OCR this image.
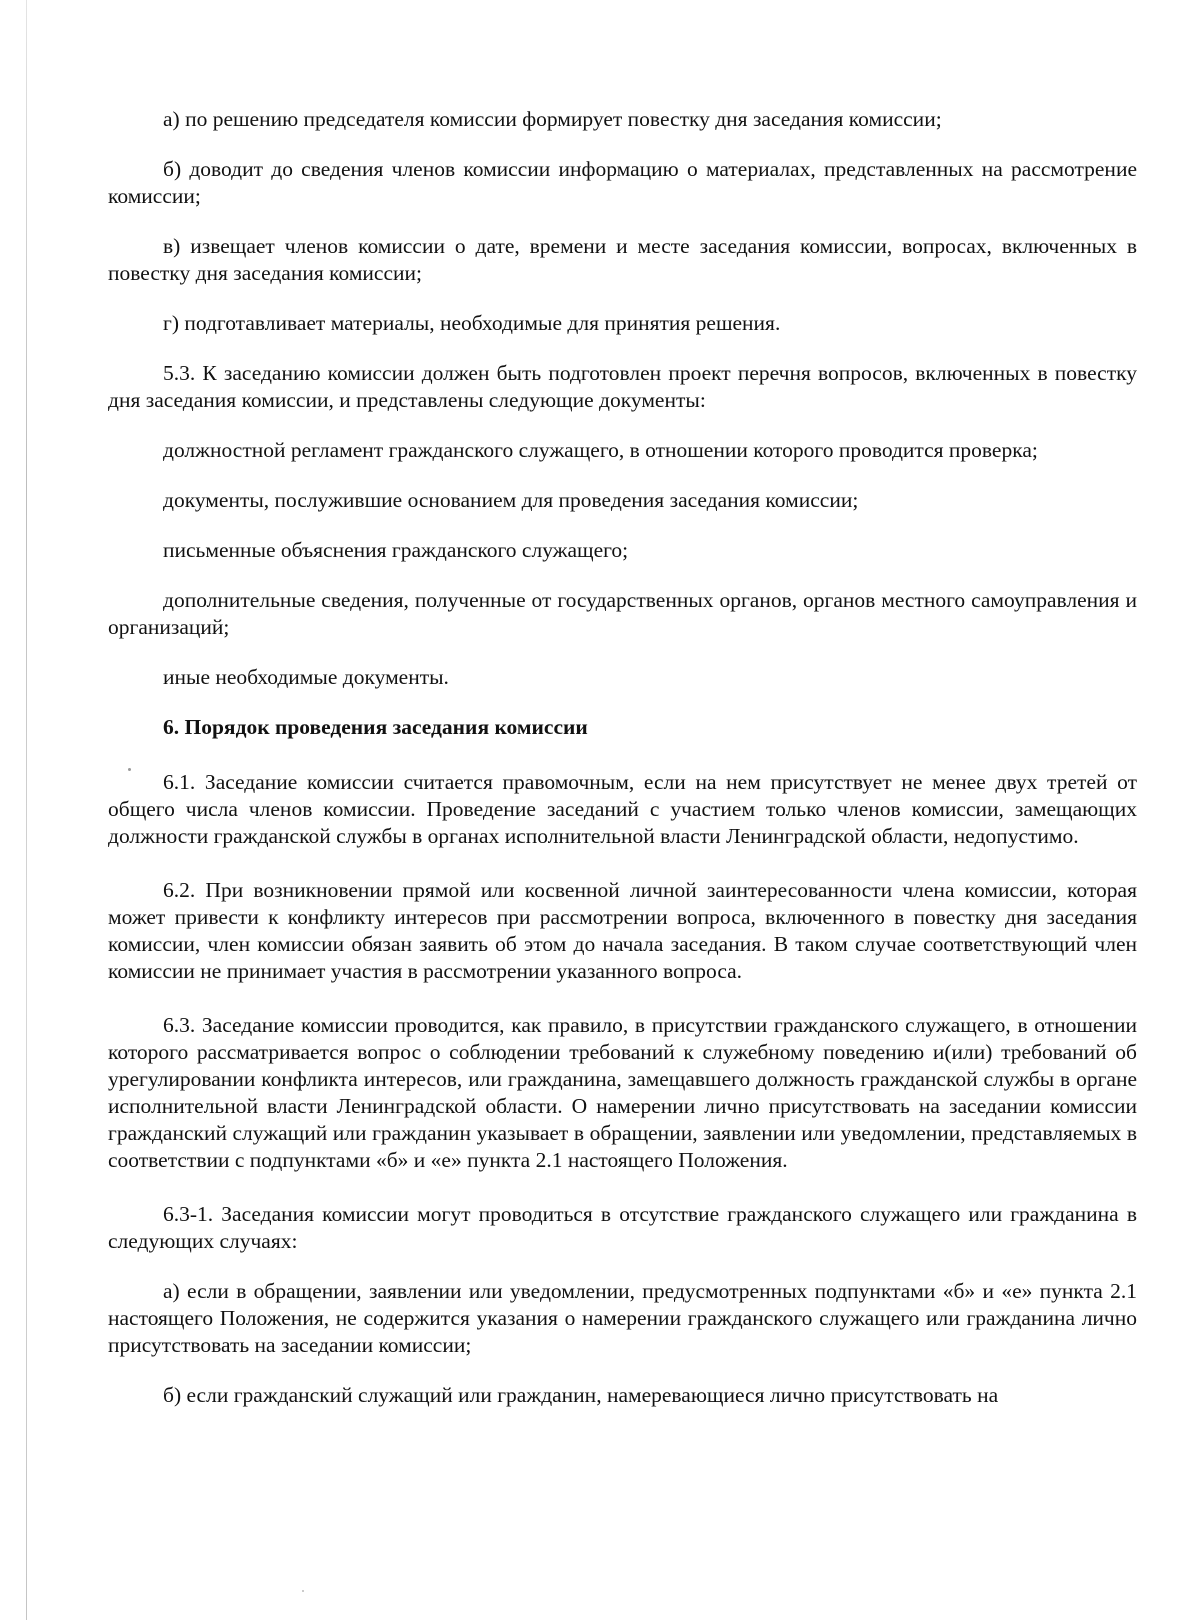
а) по решению председателя комиссии формирует повестку дня заседания комиссии;

б) доводит до сведения членов комиссии информацию о материалах, представленных на рассмотрение комиссии;

в) извещает членов комиссии о дате, времени и месте заседания комиссии, вопросах, включенных в повестку дня заседания комиссии;

г) подготавливает материалы, необходимые для принятия решения.

5.3. К заседанию комиссии должен быть подготовлен проект перечня вопросов, включенных в повестку дня заседания комиссии, и представлены следующие документы:

должностной регламент гражданского служащего, в отношении которого проводится проверка;

документы, послужившие основанием для проведения заседания комиссии;

письменные объяснения гражданского служащего;

дополнительные сведения, полученные от государственных органов, органов местного самоуправления и организаций;

иные необходимые документы.

6. Порядок проведения заседания комиссии

6.1. Заседание комиссии считается правомочным, если на нем присутствует не менее двух третей от общего числа членов комиссии. Проведение заседаний с участием только членов комиссии, замещающих должности гражданской службы в органах исполнительной власти Ленинградской области, недопустимо.

6.2. При возникновении прямой или косвенной личной заинтересованности члена комиссии, которая может привести к конфликту интересов при рассмотрении вопроса, включенного в повестку дня заседания комиссии, член комиссии обязан заявить об этом до начала заседания. В таком случае соответствующий член комиссии не принимает участия в рассмотрении указанного вопроса.

6.3. Заседание комиссии проводится, как правило, в присутствии гражданского служащего, в отношении которого рассматривается вопрос о соблюдении требований к служебному поведению и(или) требований об урегулировании конфликта интересов, или гражданина, замещавшего должность гражданской службы в органе исполнительной власти Ленинградской области. О намерении лично присутствовать на заседании комиссии гражданский служащий или гражданин указывает в обращении, заявлении или уведомлении, представляемых в соответствии с подпунктами «б» и «е» пункта 2.1 настоящего Положения.

6.3-1. Заседания комиссии могут проводиться в отсутствие гражданского служащего или гражданина в следующих случаях:

а) если в обращении, заявлении или уведомлении, предусмотренных подпунктами «б» и «е» пункта 2.1 настоящего Положения, не содержится указания о намерении гражданского служащего или гражданина лично присутствовать на заседании комиссии;

б) если гражданский служащий или гражданин, намеревающиеся лично присутствовать на
